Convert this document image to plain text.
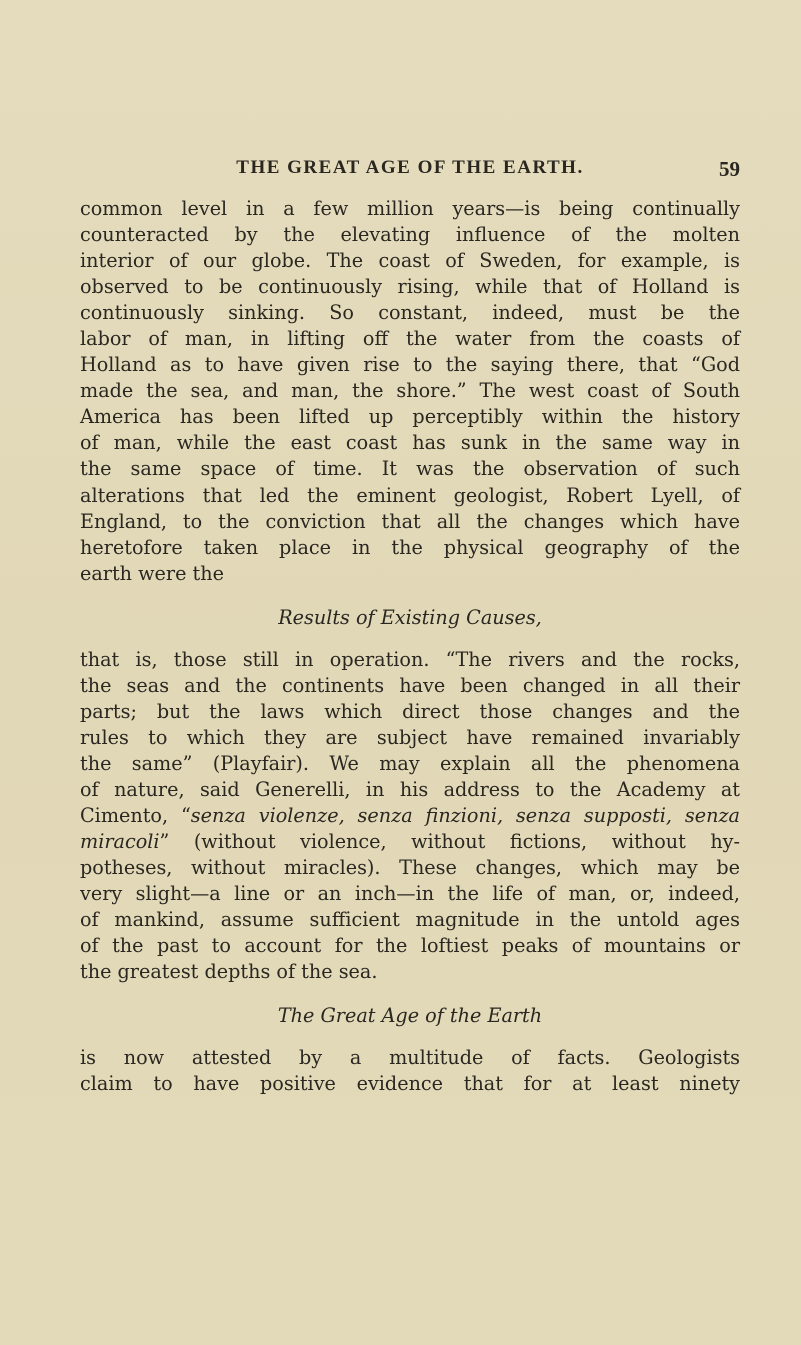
THE GREAT AGE OF THE EARTH.	59
common level in a few million years—is being continually
counteracted by the elevating influence of the molten
interior of our globe. The coast of Sweden, for example, is
observed to be continuously rising, while that of Holland is
continuously sinking. So constant, indeed, must be the
labor of man, in lifting off the water from the coasts of
Holland as to have given rise to the saying there, that “God
made the sea, and man, the shore.” The west coast of South
America has been lifted up perceptibly within the history
of man, while the east coast has sunk in the same way in
the same space of time. It was the observation of such
alterations that led the eminent geologist, Robert Lyell, of
England, to the conviction that all the changes which have
heretofore taken place in the physical geography of the
earth were the
Results of Existing Causes,
that is, those still in operation. “The rivers and the rocks,
the seas and the continents have been changed in all their
parts; but the laws which direct those changes and the
rules to which they are subject have remained invariably
the same” (Playfair). We may explain all the phenomena
of nature, said Generelli, in his address to the Academy at
Cimento, “senza violenze, senza finzioni, senza supposti, senza
miracoli” (without violence, without fictions, without hy-
potheses, without miracles). These changes, which may be
very slight—a line or an inch—in the life of man, or, indeed,
of mankind, assume sufficient magnitude in the untold ages
of the past to account for the loftiest peaks of mountains or
the greatest depths of the sea.
The Great Age of the Earth
is now attested by a multitude of facts. Geologists
claim to have positive evidence that for at least ninety
